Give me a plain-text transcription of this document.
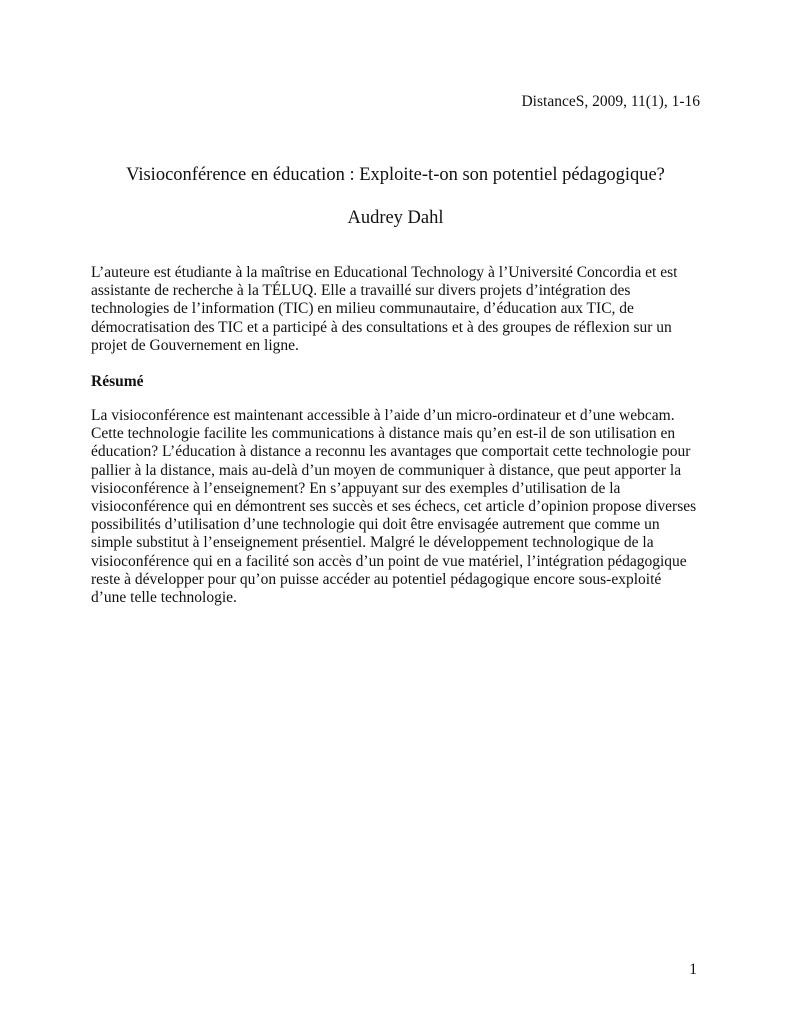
DistanceS, 2009, 11(1), 1-16
Visioconférence en éducation : Exploite-t-on son potentiel pédagogique?
Audrey Dahl
L’auteure est étudiante à la maîtrise en Educational Technology à l’Université Concordia et est
assistante de recherche à la TÉLUQ. Elle a travaillé sur divers projets d’intégration des
technologies de l’information (TIC) en milieu communautaire, d’éducation aux TIC, de
démocratisation des TIC et a participé à des consultations et à des groupes de réflexion sur un
projet de Gouvernement en ligne.
Résumé
La visioconférence est maintenant accessible à l’aide d’un micro-ordinateur et d’une webcam.
Cette technologie facilite les communications à distance mais qu’en est-il de son utilisation en
éducation? L’éducation à distance a reconnu les avantages que comportait cette technologie pour
pallier à la distance, mais au-delà d’un moyen de communiquer à distance, que peut apporter la
visioconférence à l’enseignement? En s’appuyant sur des exemples d’utilisation de la
visioconférence qui en démontrent ses succès et ses échecs, cet article d’opinion propose diverses
possibilités d’utilisation d’une technologie qui doit être envisagée autrement que comme un
simple substitut à l’enseignement présentiel. Malgré le développement technologique de la
visioconférence qui en a facilité son accès d’un point de vue matériel, l’intégration pédagogique
reste à développer pour qu’on puisse accéder au potentiel pédagogique encore sous-exploité
d’une telle technologie.
1
